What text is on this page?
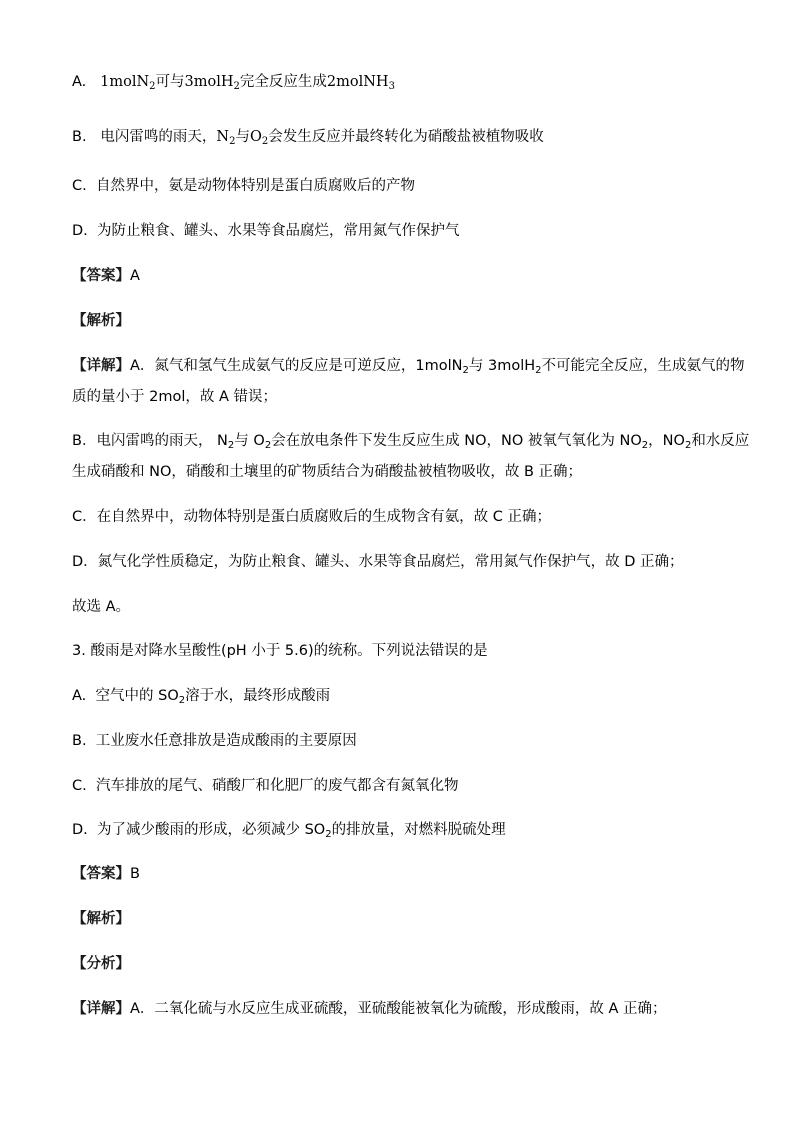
A. 1molN$_2$可与3molH$_2$完全反应生成2molNH$_3$
B. 电闪雷鸣的雨天，$N_2$与$O_2$会发生反应并最终转化为硝酸盐被植物吸收
C. 自然界中，氨是动物体特别是蛋白质腐败后的产物
D. 为防止粮食、罐头、水果等食品腐烂，常用氮气作保护气
【答案】A
【解析】
【详解】A．氮气和氢气生成氨气的反应是可逆反应，1molN$_2$与 3molH$_2$不可能完全反应，生成氨气的物
质的量小于 2mol，故 A 错误；
B．电闪雷鸣的雨天， $N_2$与 $O_2$会在放电条件下发生反应生成 NO，NO 被氧气氧化为 $NO_2$，$NO_2$和水反应
生成硝酸和 NO，硝酸和土壤里的矿物质结合为硝酸盐被植物吸收，故 B 正确；
C．在自然界中，动物体特别是蛋白质腐败后的生成物含有氨，故 C 正确；
D．氮气化学性质稳定，为防止粮食、罐头、水果等食品腐烂，常用氮气作保护气，故 D 正确；
故选 A。
3. 酸雨是对降水呈酸性(pH 小于 5.6)的统称。下列说法错误的是
A. 空气中的 $SO_2$溶于水，最终形成酸雨
B. 工业废水任意排放是造成酸雨的主要原因
C. 汽车排放的尾气、硝酸厂和化肥厂的废气都含有氮氧化物
D. 为了减少酸雨的形成，必须减少 $SO_2$的排放量，对燃料脱硫处理
【答案】B
【解析】
【分析】
【详解】A．二氧化硫与水反应生成亚硫酸，亚硫酸能被氧化为硫酸，形成酸雨，故 A 正确；
